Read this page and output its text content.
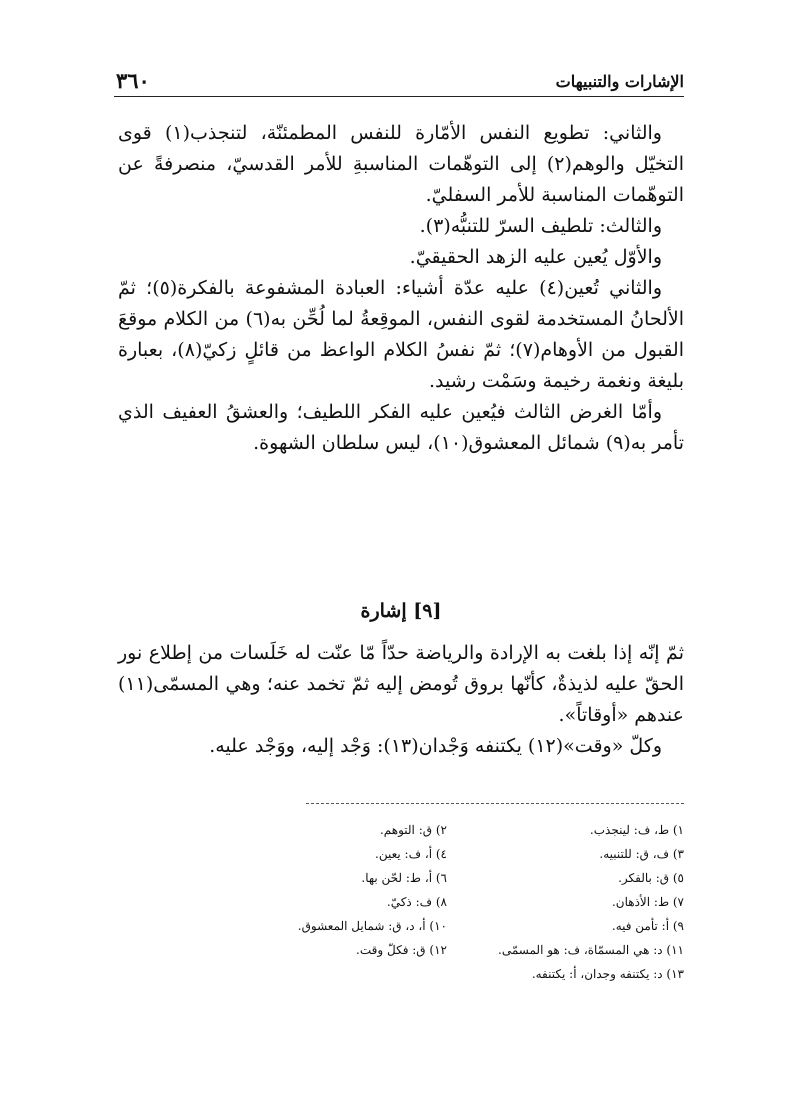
٣٦٠	الإشارات والتنبيهات

والثاني: تطويع النفس الأمّارة للنفس المطمئنّة، لتنجذب(١) قوى التخيّل والوهم(٢) إلى التوهّمات المناسبةِ للأمر القدسيّ، منصرفةً عن التوهّمات المناسبة للأمر السفليّ.

والثالث: تلطيف السرّ للتنبُّه(٣).

والأوّل يُعين عليه الزهد الحقيقيّ.

والثاني تُعين(٤) عليه عدّة أشياء: العبادة المشفوعة بالفكرة(٥)؛ ثمّ الألحانُ المستخدمة لقوى النفس، الموقِعةُ لما لُحِّن به(٦) من الكلام موقعَ القبول من الأوهام(٧)؛ ثمّ نفسُ الكلام الواعظ من قائلٍ زكيّ(٨)، بعبارة بليغة ونغمة رخيمة وسَمْت رشيد.

وأمّا الغرض الثالث فيُعين عليه الفكر اللطيف؛ والعشقُ العفيف الذي تأمر به(٩) شمائل المعشوق(١٠)، ليس سلطان الشهوة.

[٩] إشارة

ثمّ إنّه إذا بلغت به الإرادة والرياضة حدّاً مّا عنّت له خَلَسات من إطلاع نور الحقّ عليه لذيذةٌ، كأنّها بروق تُومض إليه ثمّ تخمد عنه؛ وهي المسمّى(١١) عندهم «أوقاتاً».

وكلّ «وقت»(١٢) يكتنفه وَجْدان(١٣): وَجْد إليه، ووَجْد عليه.

١) ط، ف: لينجذب.
٢) ق: التوهم.
٣) ف، ق: للتنبيه.
٤) أ، ف: يعين.
٥) ق: بالفكر.
٦) أ، ط: لحّن بها.
٧) ط: الأذهان.
٨) ف: ذكيّ.
٩) أ: تأمن فيه.
١٠) أ، د، ق: شمايل المعشوق.
١١) د: هي المسمّاة، ف: هو المسمّى.
١٢) ق: فكلّ وقت.
١٣) د: يكتنفه وجدان، أ: يكتنفه.
